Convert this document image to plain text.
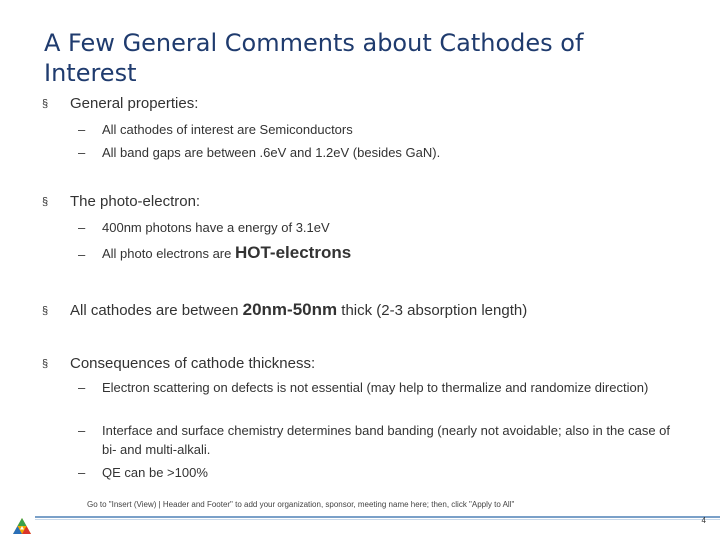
A Few General Comments about Cathodes of Interest
§ General properties:
– All cathodes of interest are Semiconductors
– All band gaps are between .6eV and 1.2eV (besides GaN).
§ The photo-electron:
– 400nm photons have a energy of 3.1eV
– All photo electrons are HOT-electrons
§ All cathodes are between 20nm-50nm thick (2-3 absorption length)
§ Consequences of cathode thickness:
– Electron scattering on defects is not essential (may help to thermalize and randomize direction)
– Interface and surface chemistry determines band banding (nearly not avoidable; also in the case of bi- and multi-alkali.
– QE can be >100%
Go to "Insert (View) | Header and Footer" to add your organization, sponsor, meeting name here; then, click "Apply to All"
4
